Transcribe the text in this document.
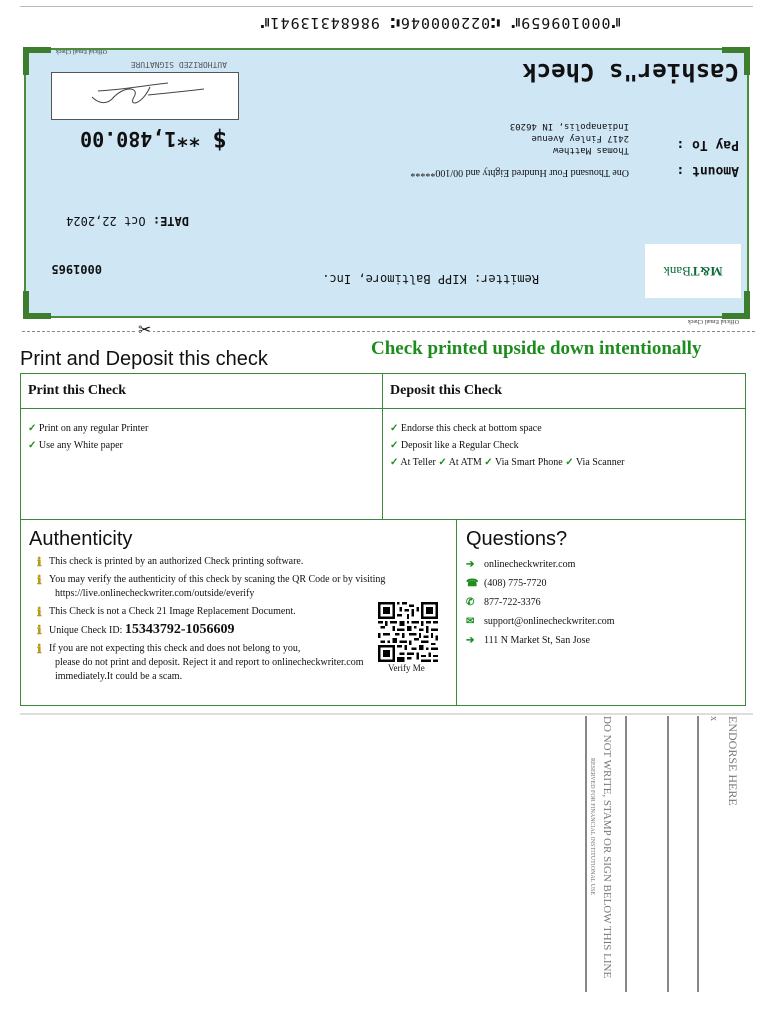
⑈000109659⑈ ⑆022000046⑆ 98684313941⑈
Official Email Check
M&T
Bank
Remitter: KIPP Baltimore, Inc.
0001965
DATE: Oct 22,2024
Amount :
One Thousand Four Hundred Eighty and 00/100*****
Pay To :
Thomas Matthew
2417 Finley Avenue
Indianapolis, IN 46203
$**1,480.00
Cashier"s Check
AUTHORIZED SIGNATURE
Official Email Check
✂
Print and Deposit this check	Check printed upside down intentionally
Print this Check
✓ Print on any regular Printer
✓ Use any White paper
Deposit this Check
✓ Endorse this check at bottom space
✓ Deposit like a Regular Check
✓ At Teller ✓ At ATM ✓ Via Smart Phone ✓ Via Scanner
Authenticity
ℹ This check is printed by an authorized Check printing software.
ℹ You may verify the authenticity of this check by scaning the QR Code or by visiting
https://live.onlinecheckwriter.com/outside/everify
ℹ This Check is not a Check 21 Image Replacement Document.
ℹ Unique Check ID: 15343792-1056609
ℹ If you are not expecting this check and does not belong to you,
please do not print and deposit. Reject it and report to onlinecheckwriter.com
immediately.It could be a scam.
Verify Me
Questions?
➔ onlinecheckwriter.com
☎ (408) 775-7720
✆ 877-722-3376
✉ support@onlinecheckwriter.com
➔ 111 N Market St, San Jose
DO NOT WRITE, STAMP OR SIGN BELOW THIS LINE
RESERVED FOR FINANCIAL INSTITUTIONAL USE
x ENDORSE HERE
